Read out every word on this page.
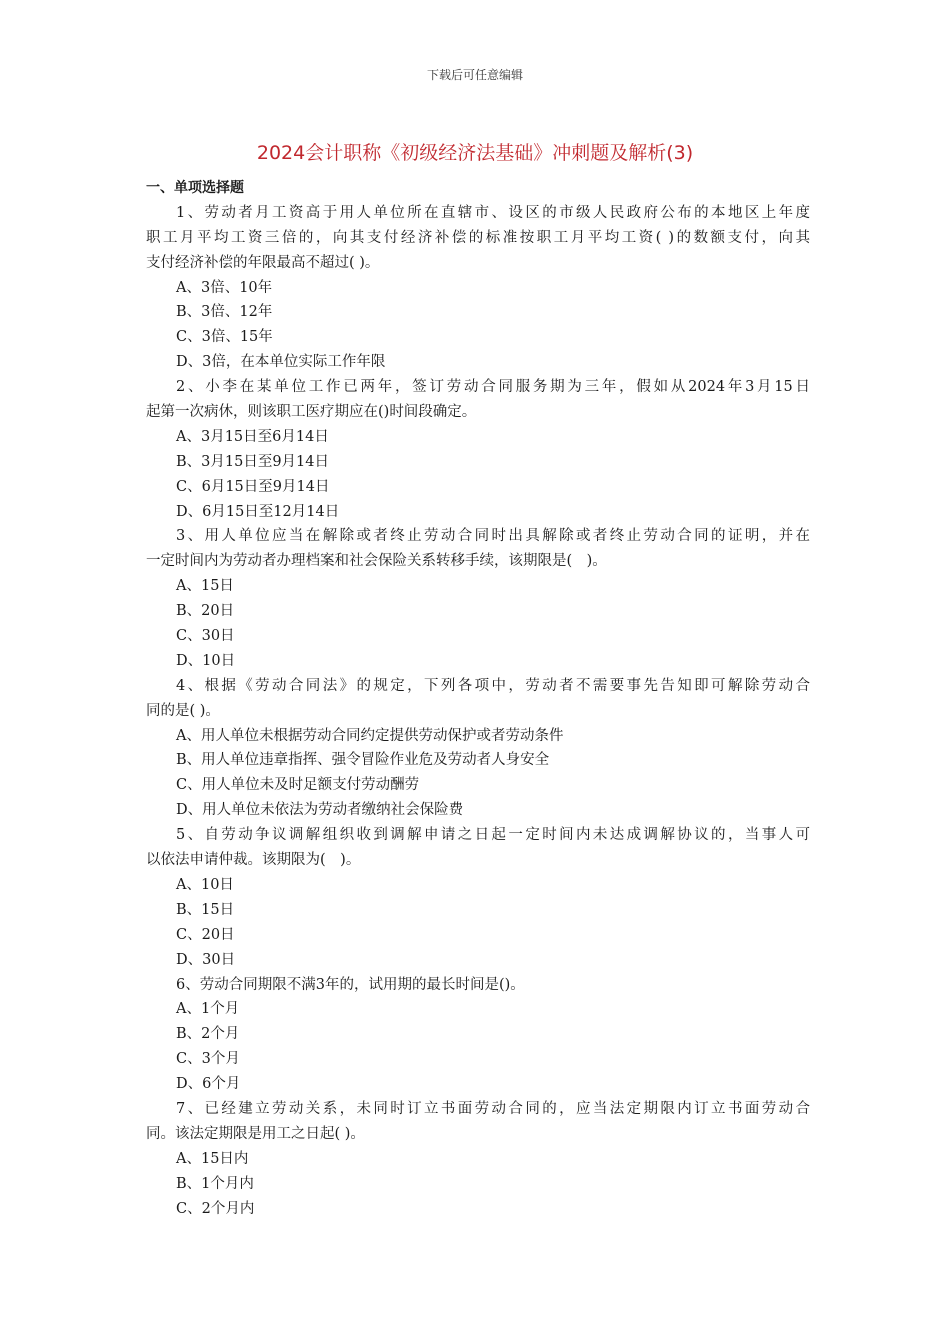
下载后可任意编辑
2024会计职称《初级经济法基础》冲刺题及解析(3)
一、单项选择题
1、劳动者月工资高于用人单位所在直辖市、设区的市级人民政府公布的本地区上年度
职工月平均工资三倍的，向其支付经济补偿的标准按职工月平均工资( )的数额支付，向其
支付经济补偿的年限最高不超过( )。
A、3倍、10年
B、3倍、12年
C、3倍、15年
D、3倍，在本单位实际工作年限
2、小李在某单位工作已两年，签订劳动合同服务期为三年，假如从2024年3月15日
起第一次病休，则该职工医疗期应在()时间段确定。
A、3月15日至6月14日
B、3月15日至9月14日
C、6月15日至9月14日
D、6月15日至12月14日
3、用人单位应当在解除或者终止劳动合同时出具解除或者终止劳动合同的证明，并在
一定时间内为劳动者办理档案和社会保险关系转移手续，该期限是(　)。
A、15日
B、20日
C、30日
D、10日
4、根据《劳动合同法》的规定，下列各项中，劳动者不需要事先告知即可解除劳动合
同的是( )。
A、用人单位未根据劳动合同约定提供劳动保护或者劳动条件
B、用人单位违章指挥、强令冒险作业危及劳动者人身安全
C、用人单位未及时足额支付劳动酬劳
D、用人单位未依法为劳动者缴纳社会保险费
5、自劳动争议调解组织收到调解申请之日起一定时间内未达成调解协议的，当事人可
以依法申请仲裁。该期限为(　)。
A、10日
B、15日
C、20日
D、30日
6、劳动合同期限不满3年的，试用期的最长时间是()。
A、1个月
B、2个月
C、3个月
D、6个月
7、已经建立劳动关系，未同时订立书面劳动合同的，应当法定期限内订立书面劳动合
同。该法定期限是用工之日起( )。
A、15日内
B、1个月内
C、2个月内
